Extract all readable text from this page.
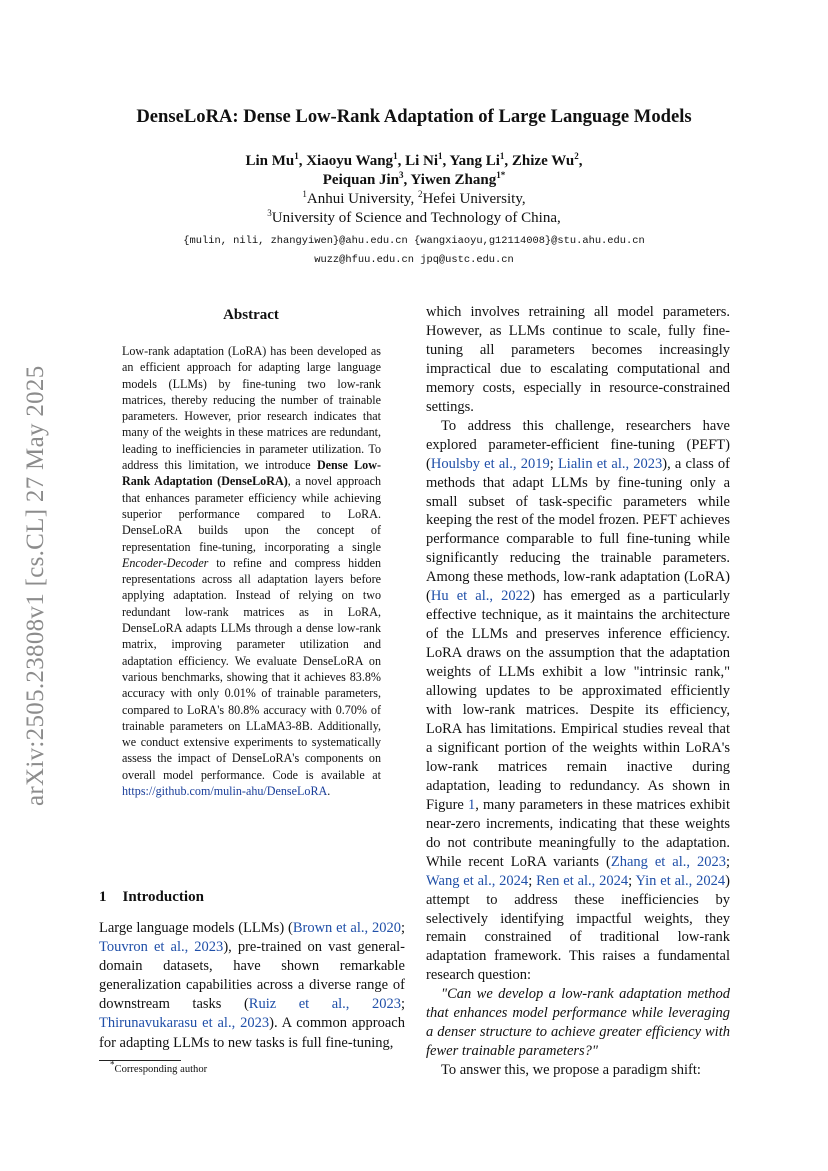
arXiv:2505.23808v1 [cs.CL] 27 May 2025
DenseLoRA: Dense Low-Rank Adaptation of Large Language Models
Lin Mu$^1$, Xiaoyu Wang$^1$, Li Ni$^1$, Yang Li$^1$, Zhize Wu$^2$,
Peiquan Jin$^3$, Yiwen Zhang$^{1*}$
$^1$Anhui University, $^2$Hefei University,
$^3$University of Science and Technology of China,
{mulin, nili, zhangyiwen}@ahu.edu.cn {wangxiaoyu,g12114008}@stu.ahu.edu.cn
wuzz@hfuu.edu.cn jpq@ustc.edu.cn
Abstract
Low-rank adaptation (LoRA) has been developed as an efficient approach for adapting large language models (LLMs) by fine-tuning two low-rank matrices, thereby reducing the number of trainable parameters. However, prior research indicates that many of the weights in these matrices are redundant, leading to inefficiencies in parameter utilization. To address this limitation, we introduce Dense Low-Rank Adaptation (DenseLoRA), a novel approach that enhances parameter efficiency while achieving superior performance compared to LoRA. DenseLoRA builds upon the concept of representation fine-tuning, incorporating a single Encoder-Decoder to refine and compress hidden representations across all adaptation layers before applying adaptation. Instead of relying on two redundant low-rank matrices as in LoRA, DenseLoRA adapts LLMs through a dense low-rank matrix, improving parameter utilization and adaptation efficiency. We evaluate DenseLoRA on various benchmarks, showing that it achieves 83.8% accuracy with only 0.01% of trainable parameters, compared to LoRA's 80.8% accuracy with 0.70% of trainable parameters on LLaMA3-8B. Additionally, we conduct extensive experiments to systematically assess the impact of DenseLoRA's components on overall model performance. Code is available at https://github.com/mulin-ahu/DenseLoRA.
1 Introduction
Large language models (LLMs) (Brown et al., 2020; Touvron et al., 2023), pre-trained on vast general-domain datasets, have shown remarkable generalization capabilities across a diverse range of downstream tasks (Ruiz et al., 2023; Thirunavukarasu et al., 2023). A common approach for adapting LLMs to new tasks is full fine-tuning,
*Corresponding author

which involves retraining all model parameters. However, as LLMs continue to scale, fully fine-tuning all parameters becomes increasingly impractical due to escalating computational and memory costs, especially in resource-constrained settings.

To address this challenge, researchers have explored parameter-efficient fine-tuning (PEFT) (Houlsby et al., 2019; Lialin et al., 2023), a class of methods that adapt LLMs by fine-tuning only a small subset of task-specific parameters while keeping the rest of the model frozen. PEFT achieves performance comparable to full fine-tuning while significantly reducing the trainable parameters. Among these methods, low-rank adaptation (LoRA) (Hu et al., 2022) has emerged as a particularly effective technique, as it maintains the architecture of the LLMs and preserves inference efficiency. LoRA draws on the assumption that the adaptation weights of LLMs exhibit a low "intrinsic rank," allowing updates to be approximated efficiently with low-rank matrices. Despite its efficiency, LoRA has limitations. Empirical studies reveal that a significant portion of the weights within LoRA's low-rank matrices remain inactive during adaptation, leading to redundancy. As shown in Figure 1, many parameters in these matrices exhibit near-zero increments, indicating that these weights do not contribute meaningfully to the adaptation. While recent LoRA variants (Zhang et al., 2023; Wang et al., 2024; Ren et al., 2024; Yin et al., 2024) attempt to address these inefficiencies by selectively identifying impactful weights, they remain constrained of traditional low-rank adaptation framework. This raises a fundamental research question:

"Can we develop a low-rank adaptation method that enhances model performance while leveraging a denser structure to achieve greater efficiency with fewer trainable parameters?"

To answer this, we propose a paradigm shift:
